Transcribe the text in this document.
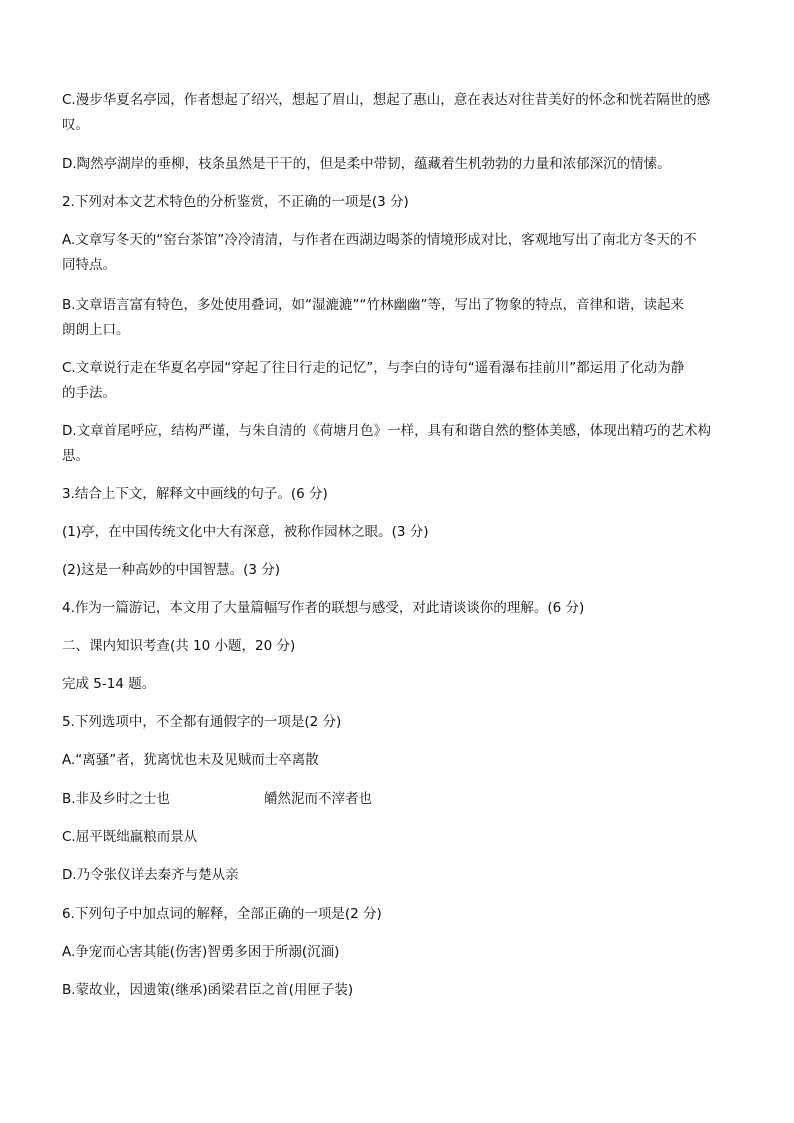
C.漫步华夏名亭园，作者想起了绍兴，想起了眉山，想起了惠山，意在表达对往昔美好的怀念和恍若隔世的感
叹。
D.陶然亭湖岸的垂柳，枝条虽然是干干的，但是柔中带韧，蕴藏着生机勃勃的力量和浓郁深沉的情愫。
2.下列对本文艺术特色的分析鉴赏，不正确的一项是(3 分)
A.文章写冬天的“窑台茶馆”冷冷清清，与作者在西湖边喝茶的情境形成对比，客观地写出了南北方冬天的不
同特点。
B.文章语言富有特色，多处使用叠词，如“湿漉漉”“竹林幽幽”等，写出了物象的特点，音律和谐，读起来
朗朗上口。
C.文章说行走在华夏名亭园“穿起了往日行走的记忆”，与李白的诗句“遥看瀑布挂前川”都运用了化动为静
的手法。
D.文章首尾呼应，结构严谨，与朱自清的《荷塘月色》一样，具有和谐自然的整体美感，体现出精巧的艺术构
思。
3.结合上下文，解释文中画线的句子。(6 分)
(1)亭，在中国传统文化中大有深意，被称作园林之眼。(3 分)
(2)这是一种高妙的中国智慧。(3 分)
4.作为一篇游记，本文用了大量篇幅写作者的联想与感受，对此请谈谈你的理解。(6 分)
二、课内知识考查(共 10 小题，20 分)
完成 5-14 题。
5.下列选项中，不全都有通假字的一项是(2 分)
A.“离骚”者，犹离忧也未及见贼而士卒离散
B.非及乡时之士也	皭然泥而不滓者也
C.屈平既绌羸粮而景从
D.乃令张仪详去秦齐与楚从亲
6.下列句子中加点词的解释，全部正确的一项是(2 分)
A.争宠而心害其能(伤害)智勇多困于所溺(沉湎)
B.蒙故业，因遗策(继承)函梁君臣之首(用匣子装)
